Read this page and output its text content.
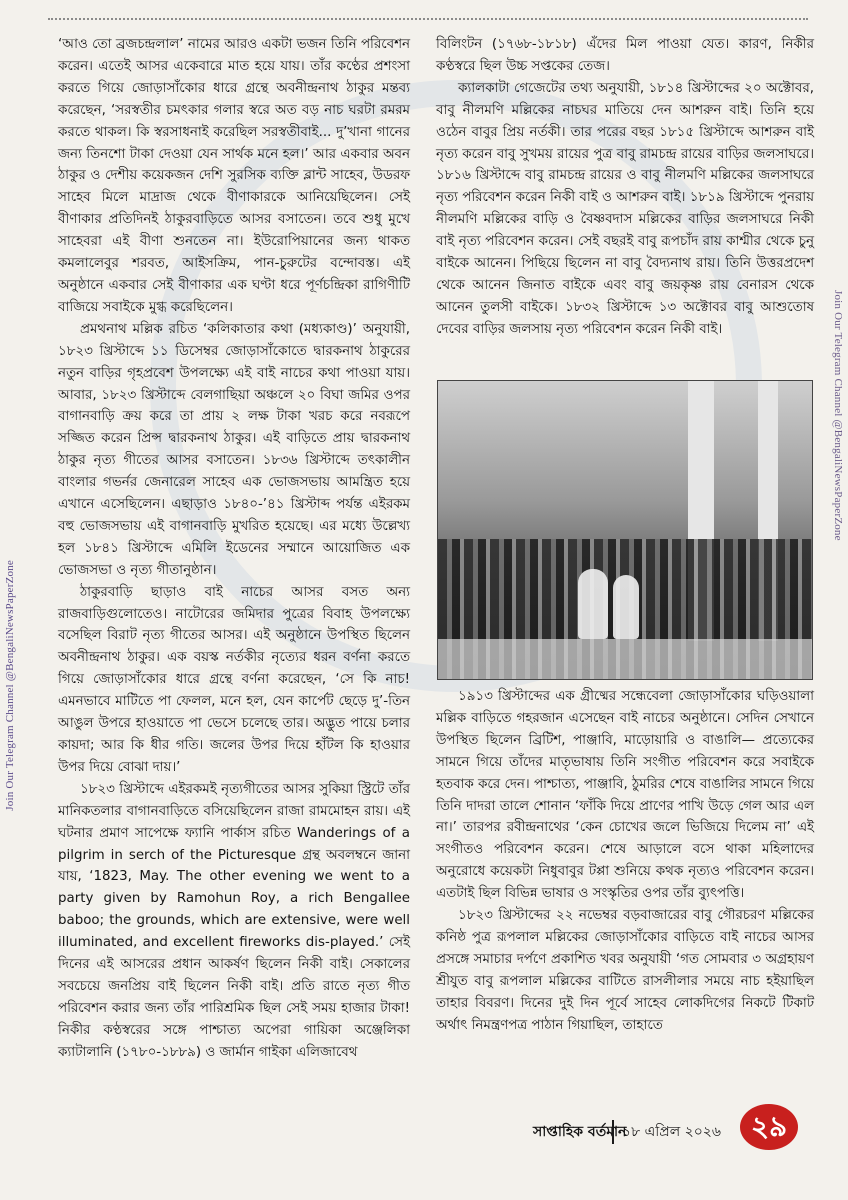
‘আও তো ব্রজচন্দ্রলাল’ নামের আরও একটা ভজন তিনি পরিবেশন করেন। এতেই আসর একেবারে মাত হয়ে যায়। তাঁর কণ্ঠের প্রশংসা করতে গিয়ে জোড়াসাঁকোর ধারে গ্রন্থে অবনীন্দ্রনাথ ঠাকুর মন্তব্য করেছেন, ‘সরস্বতীর চমৎকার গলার স্বরে অত বড় নাচ ঘরটা রমরম করতে থাকল। কি স্বরসাধনাই করেছিল সরস্বতীবাই... দু’খানা গানের জন্য তিনশো টাকা দেওয়া যেন সার্থক মনে হল।’ আর একবার অবন ঠাকুর ও দেশীয় কয়েকজন দেশি সুরসিক ব্যক্তি ব্লান্ট সাহেব, উডরফ সাহেব মিলে মাদ্রাজ থেকে বীণাকারকে আনিয়েছিলেন। সেই বীণাকার প্রতিদিনই ঠাকুরবাড়িতে আসর বসাতেন। তবে শুধু মুখে সাহেবরা এই বীণা শুনতেন না। ইউরোপিয়ানের জন্য থাকত কমলালেবুর শরবত, আইসক্রিম, পান-চুরুটের বন্দোবস্ত। এই অনুষ্ঠানে একবার সেই বীণাকার এক ঘণ্টা ধরে পূর্ণচন্দ্রিকা রাগিণীটি বাজিয়ে সবাইকে মুগ্ধ করেছিলেন।

প্রমথনাথ মল্লিক রচিত ‘কলিকাতার কথা (মধ্যকাণ্ড)’ অনুযায়ী, ১৮২৩ খ্রিস্টাব্দে ১১ ডিসেম্বর জোড়াসাঁকোতে দ্বারকনাথ ঠাকুরের নতুন বাড়ির গৃহপ্রবেশ উপলক্ষ্যে এই বাই নাচের কথা পাওয়া যায়। আবার, ১৮২৩ খ্রিস্টাব্দে বেলগাছিয়া অঞ্চলে ২০ বিঘা জমির ওপর বাগানবাড়ি ক্রয় করে তা প্রায় ২ লক্ষ টাকা খরচ করে নবরূপে সজ্জিত করেন প্রিন্স দ্বারকনাথ ঠাকুর। এই বাড়িতে প্রায় দ্বারকনাথ ঠাকুর নৃত্য গীতের আসর বসাতেন। ১৮৩৬ খ্রিস্টাব্দে তৎকালীন বাংলার গভর্নর জেনারেল সাহেব এক ভোজসভায় আমন্ত্রিত হয়ে এখানে এসেছিলেন। এছাড়াও ১৮৪০-’৪১ খ্রিস্টাব্দ পর্যন্ত এইরকম বহু ভোজসভায় এই বাগানবাড়ি মুখরিত হয়েছে। এর মধ্যে উল্লেখ্য হল ১৮৪১ খ্রিস্টাব্দে এমিলি ইডেনের সম্মানে আয়োজিত এক ভোজসভা ও নৃত্য গীতানুষ্ঠান।

ঠাকুরবাড়ি ছাড়াও বাই নাচের আসর বসত অন্য রাজবাড়িগুলোতেও। নাটোরের জমিদার পুত্রের বিবাহ উপলক্ষ্যে বসেছিল বিরাট নৃত্য গীতের আসর। এই অনুষ্ঠানে উপস্থিত ছিলেন অবনীন্দ্রনাথ ঠাকুর। এক বয়স্ক নর্তকীর নৃত্যের ধরন বর্ণনা করতে গিয়ে জোড়াসাঁকোর ধারে গ্রন্থে বর্ণনা করেছেন, ‘সে কি নাচ! এমনভাবে মাটিতে পা ফেলল, মনে হল, যেন কার্পেট ছেড়ে দু’-তিন আঙুল উপরে হাওয়াতে পা ভেসে চলেছে তার। অদ্ভুত পায়ে চলার কায়দা; আর কি ধীর গতি। জলের উপর দিয়ে হাঁটল কি হাওয়ার উপর দিয়ে বোঝা দায়।’

১৮২৩ খ্রিস্টাব্দে এইরকমই নৃত্যগীতের আসর সুকিয়া স্ট্রিটে তাঁর মানিকতলার বাগানবাড়িতে বসিয়েছিলেন রাজা রামমোহন রায়। এই ঘটনার প্রমাণ সাপেক্ষে ফ্যানি পার্কাস রচিত Wanderings of a pilgrim in serch of the Picturesque গ্রন্থ অবলম্বনে জানা যায়, ‘1823, May. The other evening we went to a party given by Ramohun Roy, a rich Bengallee baboo; the grounds, which are extensive, were well illuminated, and excellent fireworks dis-played.’ সেই দিনের এই আসরের প্রধান আকর্ষণ ছিলেন নিকী বাই। সেকালের সবচেয়ে জনপ্রিয় বাই ছিলেন নিকী বাই। প্রতি রাতে নৃত্য গীত পরিবেশন করার জন্য তাঁর পারিশ্রমিক ছিল সেই সময় হাজার টাকা! নিকীর কণ্ঠস্বরের সঙ্গে পাশ্চাত্য অপেরা গায়িকা অঞ্জেলিকা ক্যাটালানি (১৭৮০-১৮৮৯) ও জার্মান গাইকা এলিজাবেথ

বিলিংটন (১৭৬৮-১৮১৮) এঁদের মিল পাওয়া যেত। কারণ, নিকীর কণ্ঠস্বরে ছিল উচ্চ সপ্তকের তেজ।

ক্যালকাটা গেজেটের তথ্য অনুযায়ী, ১৮১৪ খ্রিস্টাব্দের ২০ অক্টোবর, বাবু নীলমণি মল্লিকের নাচঘর মাতিয়ে দেন আশরুন বাই। তিনি হয়ে ওঠেন বাবুর প্রিয় নর্তকী। তার পরের বছর ১৮১৫ খ্রিস্টাব্দে আশরুন বাই নৃত্য করেন বাবু সুখময় রায়ের পুত্র বাবু রামচন্দ্র রায়ের বাড়ির জলসাঘরে। ১৮১৬ খ্রিস্টাব্দে বাবু রামচন্দ্র রায়ের ও বাবু নীলমণি মল্লিকের জলসাঘরে নৃত্য পরিবেশন করেন নিকী বাই ও আশরুন বাই। ১৮১৯ খ্রিস্টাব্দে পুনরায় নীলমণি মল্লিকের বাড়ি ও বৈষ্ণবদাস মল্লিকের বাড়ির জলসাঘরে নিকী বাই নৃত্য পরিবেশন করেন। সেই বছরই বাবু রূপচাঁদ রায় কাশ্মীর থেকে চুনু বাইকে আনেন। পিছিয়ে ছিলেন না বাবু বৈদ্যনাথ রায়। তিনি উত্তরপ্রদেশ থেকে আনেন জিনাত বাইকে এবং বাবু জয়কৃষ্ণ রায় বেনারস থেকে আনেন তুলসী বাইকে। ১৮৩২ খ্রিস্টাব্দে ১৩ অক্টোবর বাবু আশুতোষ দেবের বাড়ির জলসায় নৃত্য পরিবেশন করেন নিকী বাই।

১৯১৩ খ্রিস্টাব্দের এক গ্রীষ্মের সন্ধেবেলা জোড়াসাঁকোর ঘড়িওয়ালা মল্লিক বাড়িতে গহরজান এসেছেন বাই নাচের অনুষ্ঠানে। সেদিন সেখানে উপস্থিত ছিলেন ব্রিটিশ, পাঞ্জাবি, মাড়োয়ারি ও বাঙালি— প্রত্যেকের সামনে গিয়ে তাঁদের মাতৃভাষায় তিনি সংগীত পরিবেশন করে সবাইকে হতবাক করে দেন। পাশ্চাত্য, পাঞ্জাবি, ঠুমরির শেষে বাঙালির সামনে গিয়ে তিনি দাদরা তালে শোনান ‘ফাঁকি দিয়ে প্রাণের পাখি উড়ে গেল আর এল না।’ তারপর রবীন্দ্রনাথের ‘কেন চোখের জলে ভিজিয়ে দিলেম না’ এই সংগীতও পরিবেশন করেন। শেষে আড়ালে বসে থাকা মহিলাদের অনুরোধে কয়েকটা নিধুবাবুর টপ্পা শুনিয়ে কথক নৃত্যও পরিবেশন করেন। এতটাই ছিল বিভিন্ন ভাষার ও সংস্কৃতির ওপর তাঁর ব্যুৎপত্তি।

১৮২৩ খ্রিস্টাব্দের ২২ নভেম্বর বড়বাজারের বাবু গৌরচরণ মল্লিকের কনিষ্ঠ পুত্র রূপলাল মল্লিকের জোড়াসাঁকোর বাড়িতে বাই নাচের আসর প্রসঙ্গে সমাচার দর্পণে প্রকাশিত খবর অনুযায়ী ‘গত সোমবার ৩ অগ্রহায়ণ শ্রীযুত বাবু রূপলাল মল্লিকের বাটিতে রাসলীলার সময়ে নাচ হইয়াছিল তাহার বিবরণ। দিনের দুই দিন পূর্বে সাহেব লোকদিগের নিকটে টিকাট অর্থাৎ নিমন্ত্রণপত্র পাঠান গিয়াছিল, তাহাতে

Join Our Telegram Channel @BengaliNewsPaperZone
Join Our Telegram Channel @BengaliNewsPaperZone
সাপ্তাহিক বর্তমান
১৮ এপ্রিল ২০২৬	২৯
